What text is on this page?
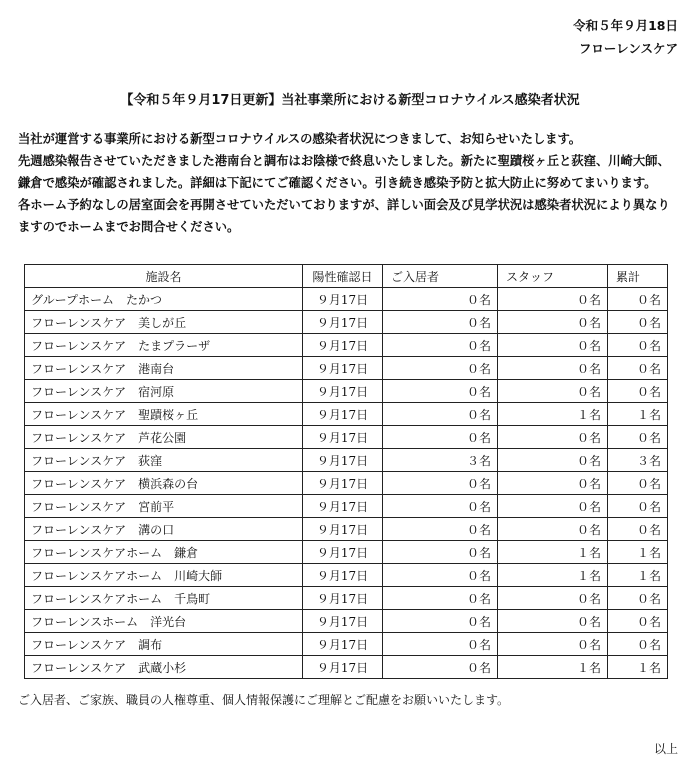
令和５年９月18日
フローレンスケア
【令和５年９月17日更新】当社事業所における新型コロナウイルス感染者状況

当社が運営する事業所における新型コロナウイルスの感染者状況につきまして、お知らせいたします。

先週感染報告させていただきました港南台と調布はお陰様で終息いたしました。新たに聖蹟桜ヶ丘と荻窪、川崎大師、

鎌倉で感染が確認されました。詳細は下記にてご確認ください。引き続き感染予防と拡大防止に努めてまいります。

各ホーム予約なしの居室面会を再開させていただいておりますが、詳しい面会及び見学状況は感染者状況により異なり

ますのでホームまでお問合せください。

施設名	陽性確認日	ご入居者	スタッフ	累計
グループホーム　たかつ	９月17日	０名	０名	０名
フローレンスケア　美しが丘	９月17日	０名	０名	０名
フローレンスケア　たまプラーザ	９月17日	０名	０名	０名
フローレンスケア　港南台	９月17日	０名	０名	０名
フローレンスケア　宿河原	９月17日	０名	０名	０名
フローレンスケア　聖蹟桜ヶ丘	９月17日	０名	１名	１名
フローレンスケア　芦花公園	９月17日	０名	０名	０名
フローレンスケア　荻窪	９月17日	３名	０名	３名
フローレンスケア　横浜森の台	９月17日	０名	０名	０名
フローレンスケア　宮前平	９月17日	０名	０名	０名
フローレンスケア　溝の口	９月17日	０名	０名	０名
フローレンスケアホーム　鎌倉	９月17日	０名	１名	１名
フローレンスケアホーム　川崎大師	９月17日	０名	１名	１名
フローレンスケアホーム　千鳥町	９月17日	０名	０名	０名
フローレンスホーム　洋光台	９月17日	０名	０名	０名
フローレンスケア　調布	９月17日	０名	０名	０名
フローレンスケア　武蔵小杉	９月17日	０名	１名	１名
ご入居者、ご家族、職員の人権尊重、個人情報保護にご理解とご配慮をお願いいたします。
以上
